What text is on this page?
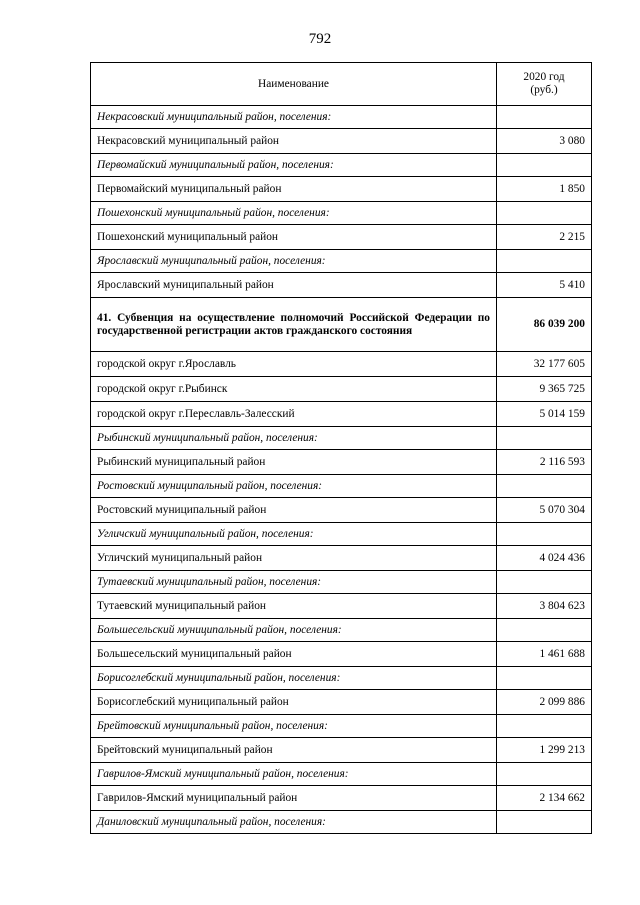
792
Наименование	2020 год
(руб.)

Некрасовский муниципальный район, поселения:	
Некрасовский муниципальный район	3 080
Первомайский муниципальный район, поселения:	
Первомайский муниципальный район	1 850
Пошехонский муниципальный район, поселения:	
Пошехонский муниципальный район	2 215
Ярославский муниципальный район, поселения:	
Ярославский муниципальный район	5 410
41. Субвенция на осуществление полномочий Российской Федерации по государственной регистрации актов гражданского состояния	86 039 200
городской округ г.Ярославль	32 177 605
городской округ г.Рыбинск	9 365 725
городской округ г.Переславль-Залесский	5 014 159
Рыбинский муниципальный район, поселения:	
Рыбинский муниципальный район	2 116 593
Ростовский муниципальный район, поселения:	
Ростовский муниципальный район	5 070 304
Угличский муниципальный район, поселения:	
Угличский муниципальный район	4 024 436
Тутаевский муниципальный район, поселения:	
Тутаевский муниципальный район	3 804 623
Большесельский муниципальный район, поселения:	
Большесельский муниципальный район	1 461 688
Борисоглебский муниципальный район, поселения:	
Борисоглебский муниципальный район	2 099 886
Брейтовский муниципальный район, поселения:	
Брейтовский муниципальный район	1 299 213
Гаврилов-Ямский муниципальный район, поселения:	
Гаврилов-Ямский муниципальный район	2 134 662
Даниловский муниципальный район, поселения:	
